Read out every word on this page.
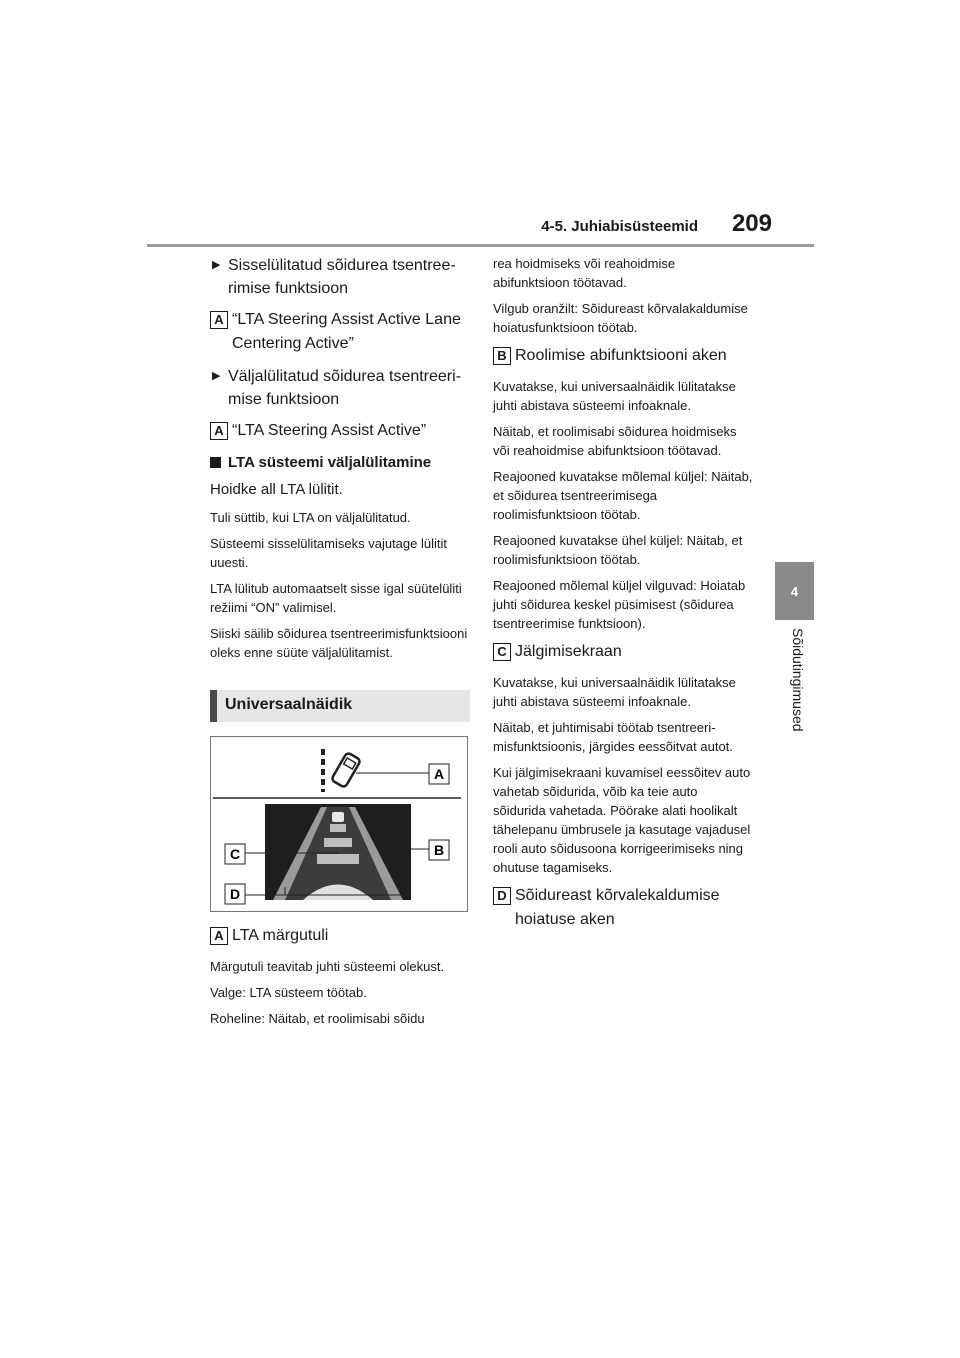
4-5. Juhiabisüsteemid 209
4
Sõidutingimused
▶ Sisselülitatud sõidurea tsentreerimise funktsioon
A “LTA Steering Assist Active Lane Centering Active”
▶ Väljalülitatud sõidurea tsentreerimise funktsioon
A “LTA Steering Assist Active”
LTA süsteemi väljalülitamine
Hoidke all LTA lülitit.
Tuli süttib, kui LTA on väljalülitatud.
Süsteemi sisselülitamiseks vajutage lülitit uuesti.
LTA lülitub automaatselt sisse igal süütelüliti režiimi “ON” valimisel.
Siiski säilib sõidurea tsentreerimisfunktsiooni oleks enne süüte väljalülitamist.
Universaalnäidik
A
B
C
D
A LTA märgutuli
Märgutuli teavitab juhti süsteemi olekust.
Valge: LTA süsteem töötab.
Roheline: Näitab, et roolimisabi sõidu
rea hoidmiseks või reahoidmise abifunktsioon töötavad.
Vilgub oranžilt: Sõidureast kõrvalakaldumise hoiatusfunktsioon töötab.
B Roolimise abifunktsiooni aken
Kuvatakse, kui universaalnäidik lülitatakse juhti abistava süsteemi infoaknale.
Näitab, et roolimisabi sõidurea hoidmiseks või reahoidmise abifunktsioon töötavad.
Reajooned kuvatakse mõlemal küljel: Näitab, et sõidurea tsentreerimisega roolimisfunktsioon töötab.
Reajooned kuvatakse ühel küljel: Näitab, et roolimisfunktsioon töötab.
Reajooned mõlemal küljel vilguvad: Hoiatab juhti sõidurea keskel püsimisest (sõidurea tsentreerimise funktsioon).
C Jälgimisekraan
Kuvatakse, kui universaalnäidik lülitatakse juhti abistava süsteemi infoaknale.
Näitab, et juhtimisabi töötab tsentreerimisfunktsioonis, järgides eessõitvat autot.
Kui jälgimisekraani kuvamisel eessõitev auto vahetab sõidurida, võib ka teie auto sõidurida vahetada. Pöörake alati hoolikalt tähelepanu ümbrusele ja kasutage vajadusel rooli auto sõidusoona korrigeerimiseks ning ohutuse tagamiseks.
D Sõidureast kõrvalekaldumise hoiatuse aken
